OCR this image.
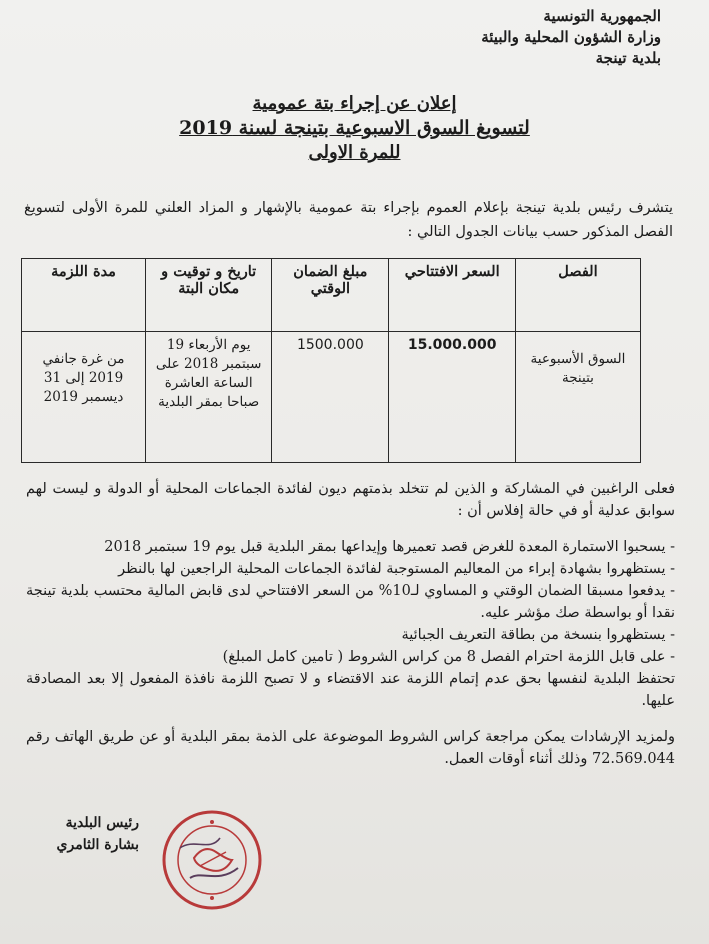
الجمهورية التونسية
وزارة الشؤون المحلية والبيئة
بلدية تينجة
إعلان عن إجراء بتة عمومية
لتسويغ السوق الاسبوعية بتينجة لسنة 2019
للمرة الاولى
يتشرف رئيس بلدية تينجة بإعلام العموم بإجراء بتة عمومية بالإشهار و المزاد العلني للمرة الأولى لتسويغ الفصل المذكور حسب بيانات الجدول التالي :
الفصل	السعر الافتتاحي	مبلغ الضمان الوقتي	تاريخ و توقيت و مكان البتة	مدة اللزمة
السوق الأسبوعية بتينجة	15.000.000	1500.000	يوم الأربعاء 19 سبتمبر 2018 على الساعة العاشرة صباحا بمقر البلدية	من غرة جانفي 2019 إلى 31 ديسمبر 2019

فعلى الراغبين في المشاركة و الذين لم تتخلد بذمتهم ديون لفائدة الجماعات المحلية أو الدولة و ليست لهم سوابق عدلية أو في حالة إفلاس أن :

- يسحبوا الاستمارة المعدة للغرض قصد تعميرها وإيداعها بمقر البلدية قبل يوم 19 سبتمبر 2018
- يستظهروا بشهادة إبراء من المعاليم المستوجبة لفائدة الجماعات المحلية الراجعين لها بالنظر
- يدفعوا مسبقا الضمان الوقتي و المساوي لـ10% من السعر الافتتاحي لدى قابض المالية محتسب بلدية تينجة نقدا أو بواسطة صك مؤشر عليه.
- يستظهروا بنسخة من بطاقة التعريف الجبائية
- على قابل اللزمة احترام الفصل 8 من كراس الشروط ( تامين كامل المبلغ)

تحتفظ البلدية لنفسها بحق عدم إتمام اللزمة عند الاقتضاء و لا تصبح اللزمة نافذة المفعول إلا بعد المصادقة عليها.

ولمزيد الإرشادات يمكن مراجعة كراس الشروط الموضوعة على الذمة بمقر البلدية أو عن طريق الهاتف رقم 72.569.044 وذلك أثناء أوقات العمل.

رئيس البلدية
بشارة الثامري
